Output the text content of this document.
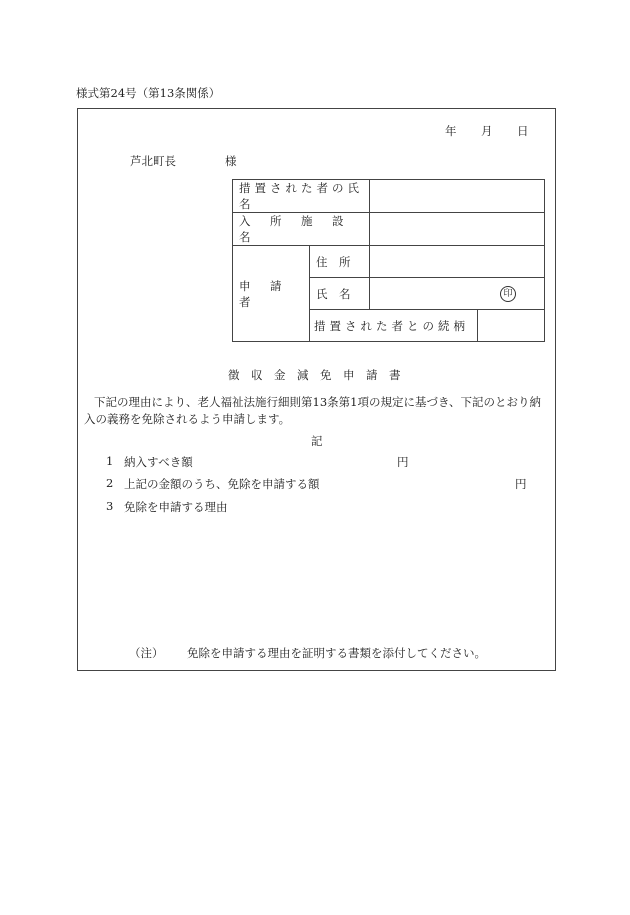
様式第24号（第13条関係）
年 月 日
芦北町長	様
措置された者の氏名			
入　所　施　設　名			
申　請　者	住　所		
	氏　名	印	
	措置された者との続柄		
徴　収　金　減　免　申　請　書
下記の理由により、老人福祉法施行細則第13条第1項の規定に基づき、下記のとおり納入の義務を免除されるよう申請します。
記
1 納入すべき額	円
2 上記の金額のうち、免除を申請する額	円
3 免除を申請する理由
（注） 免除を申請する理由を証明する書類を添付してください。
